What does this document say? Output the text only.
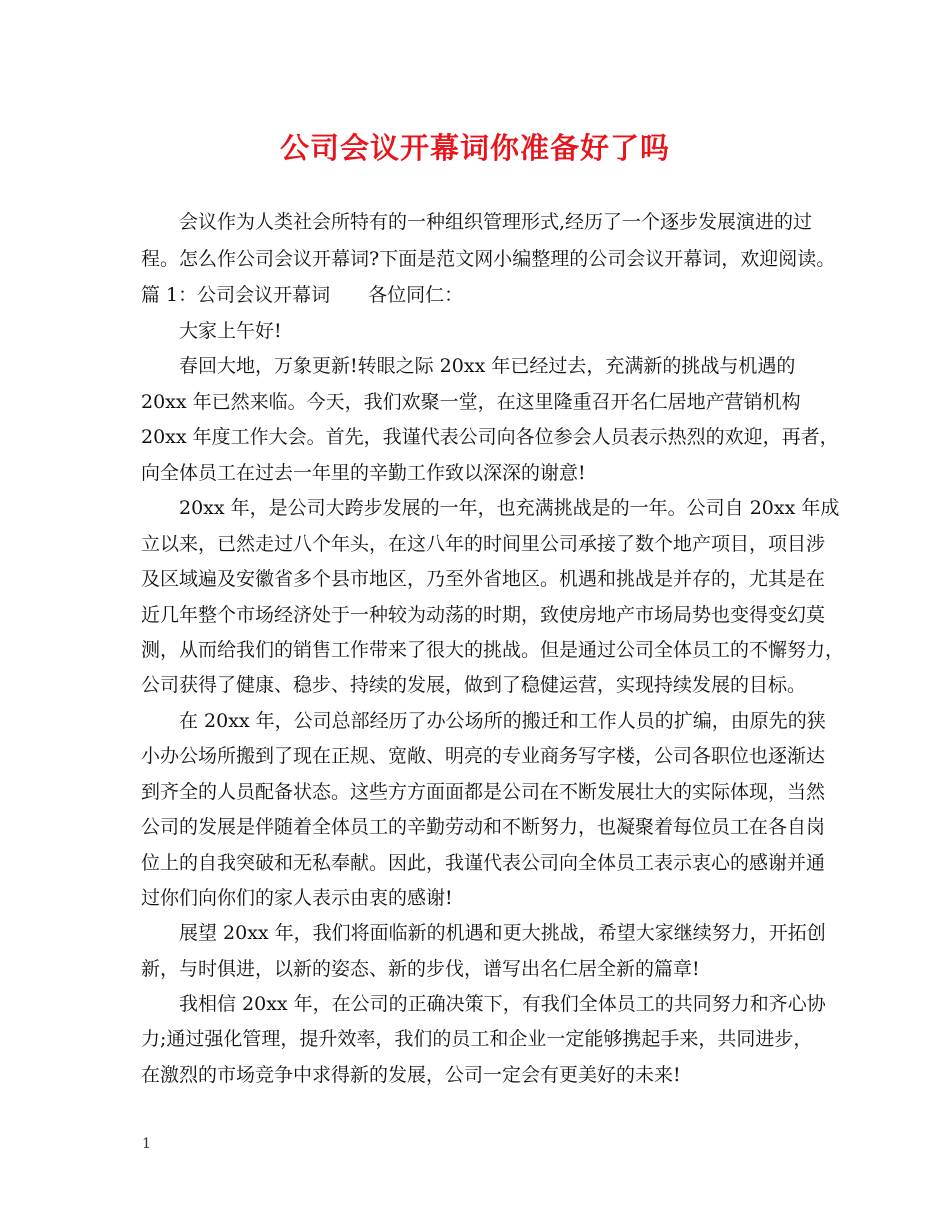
公司会议开幕词你准备好了吗

　　会议作为人类社会所特有的一种组织管理形式,经历了一个逐步发展演进的过

程。怎么作公司会议开幕词?下面是范文网小编整理的公司会议开幕词，欢迎阅读。

篇 1：公司会议开幕词　　各位同仁：

　　大家上午好!

　　春回大地，万象更新!转眼之际 20xx 年已经过去，充满新的挑战与机遇的

20xx 年已然来临。今天，我们欢聚一堂，在这里隆重召开名仁居地产营销机构

20xx 年度工作大会。首先，我谨代表公司向各位参会人员表示热烈的欢迎，再者，

向全体员工在过去一年里的辛勤工作致以深深的谢意!

　　20xx 年，是公司大跨步发展的一年，也充满挑战是的一年。公司自 20xx 年成

立以来，已然走过八个年头，在这八年的时间里公司承接了数个地产项目，项目涉

及区域遍及安徽省多个县市地区，乃至外省地区。机遇和挑战是并存的，尤其是在

近几年整个市场经济处于一种较为动荡的时期，致使房地产市场局势也变得变幻莫

测，从而给我们的销售工作带来了很大的挑战。但是通过公司全体员工的不懈努力，

公司获得了健康、稳步、持续的发展，做到了稳健运营，实现持续发展的目标。

　　在 20xx 年，公司总部经历了办公场所的搬迁和工作人员的扩编，由原先的狭

小办公场所搬到了现在正规、宽敞、明亮的专业商务写字楼，公司各职位也逐渐达

到齐全的人员配备状态。这些方方面面都是公司在不断发展壮大的实际体现，当然

公司的发展是伴随着全体员工的辛勤劳动和不断努力，也凝聚着每位员工在各自岗

位上的自我突破和无私奉献。因此，我谨代表公司向全体员工表示衷心的感谢并通

过你们向你们的家人表示由衷的感谢!

　　展望 20xx 年，我们将面临新的机遇和更大挑战，希望大家继续努力，开拓创

新，与时俱进，以新的姿态、新的步伐，谱写出名仁居全新的篇章!

　　我相信 20xx 年，在公司的正确决策下，有我们全体员工的共同努力和齐心协

力;通过强化管理，提升效率，我们的员工和企业一定能够携起手来，共同进步，

在激烈的市场竞争中求得新的发展，公司一定会有更美好的未来!

1
